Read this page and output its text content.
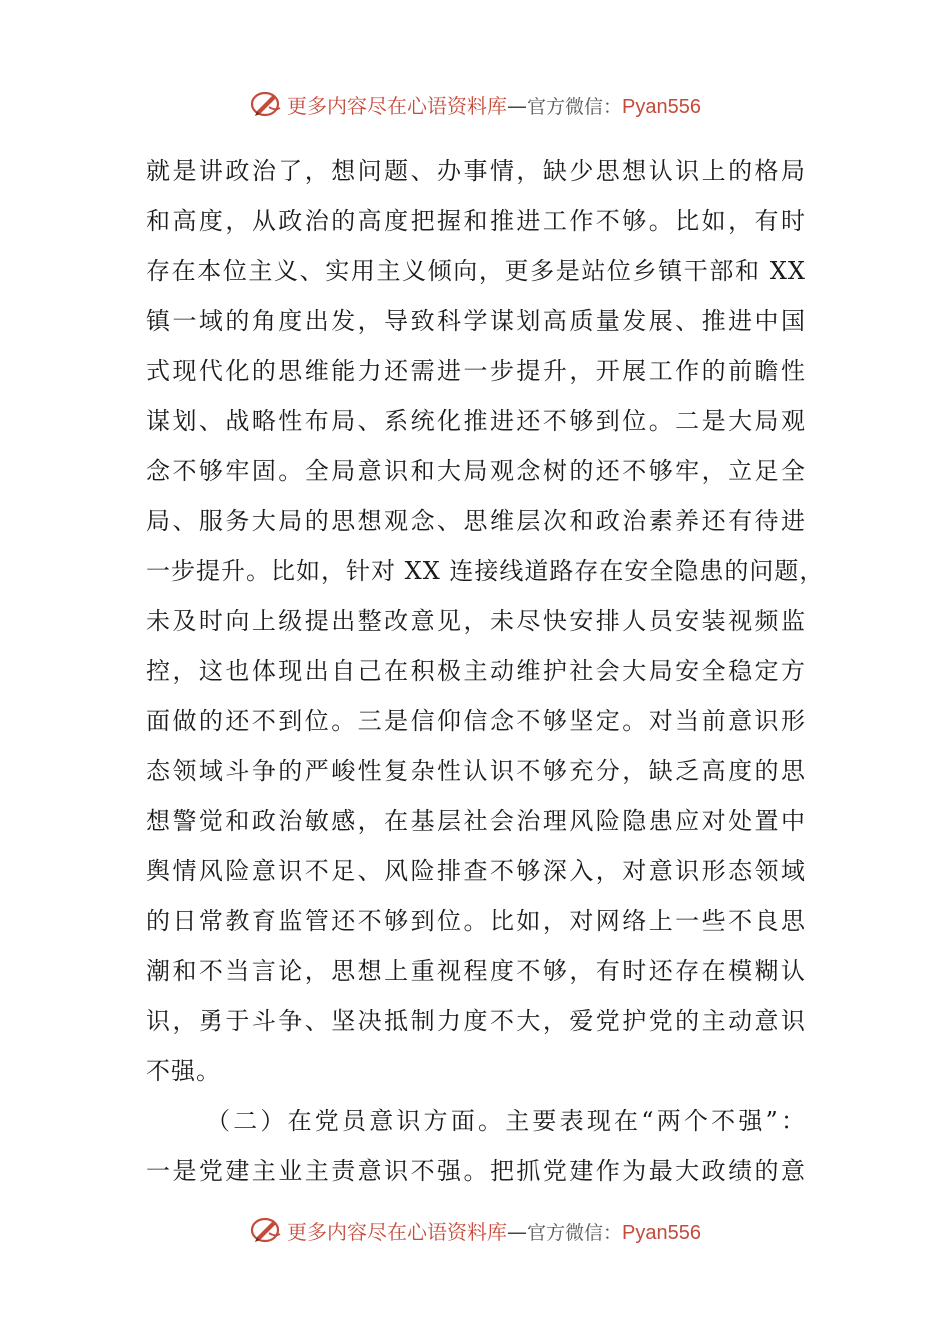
更多内容尽在心语资料库—官方微信：Pyan556
就是讲政治了，想问题、办事情，缺少思想认识上的格局
和高度，从政治的高度把握和推进工作不够。比如，有时
存在本位主义、实用主义倾向，更多是站位乡镇干部和 XX
镇一域的角度出发，导致科学谋划高质量发展、推进中国
式现代化的思维能力还需进一步提升，开展工作的前瞻性
谋划、战略性布局、系统化推进还不够到位。二是大局观
念不够牢固。全局意识和大局观念树的还不够牢，立足全
局、服务大局的思想观念、思维层次和政治素养还有待进
一步提升。比如，针对 XX 连接线道路存在安全隐患的问题，
未及时向上级提出整改意见，未尽快安排人员安装视频监
控，这也体现出自己在积极主动维护社会大局安全稳定方
面做的还不到位。三是信仰信念不够坚定。对当前意识形
态领域斗争的严峻性复杂性认识不够充分，缺乏高度的思
想警觉和政治敏感，在基层社会治理风险隐患应对处置中
舆情风险意识不足、风险排查不够深入，对意识形态领域
的日常教育监管还不够到位。比如，对网络上一些不良思
潮和不当言论，思想上重视程度不够，有时还存在模糊认
识，勇于斗争、坚决抵制力度不大，爱党护党的主动意识
不强。
（二）在党员意识方面。主要表现在“两个不强”：
一是党建主业主责意识不强。把抓党建作为最大政绩的意
更多内容尽在心语资料库—官方微信：Pyan556
